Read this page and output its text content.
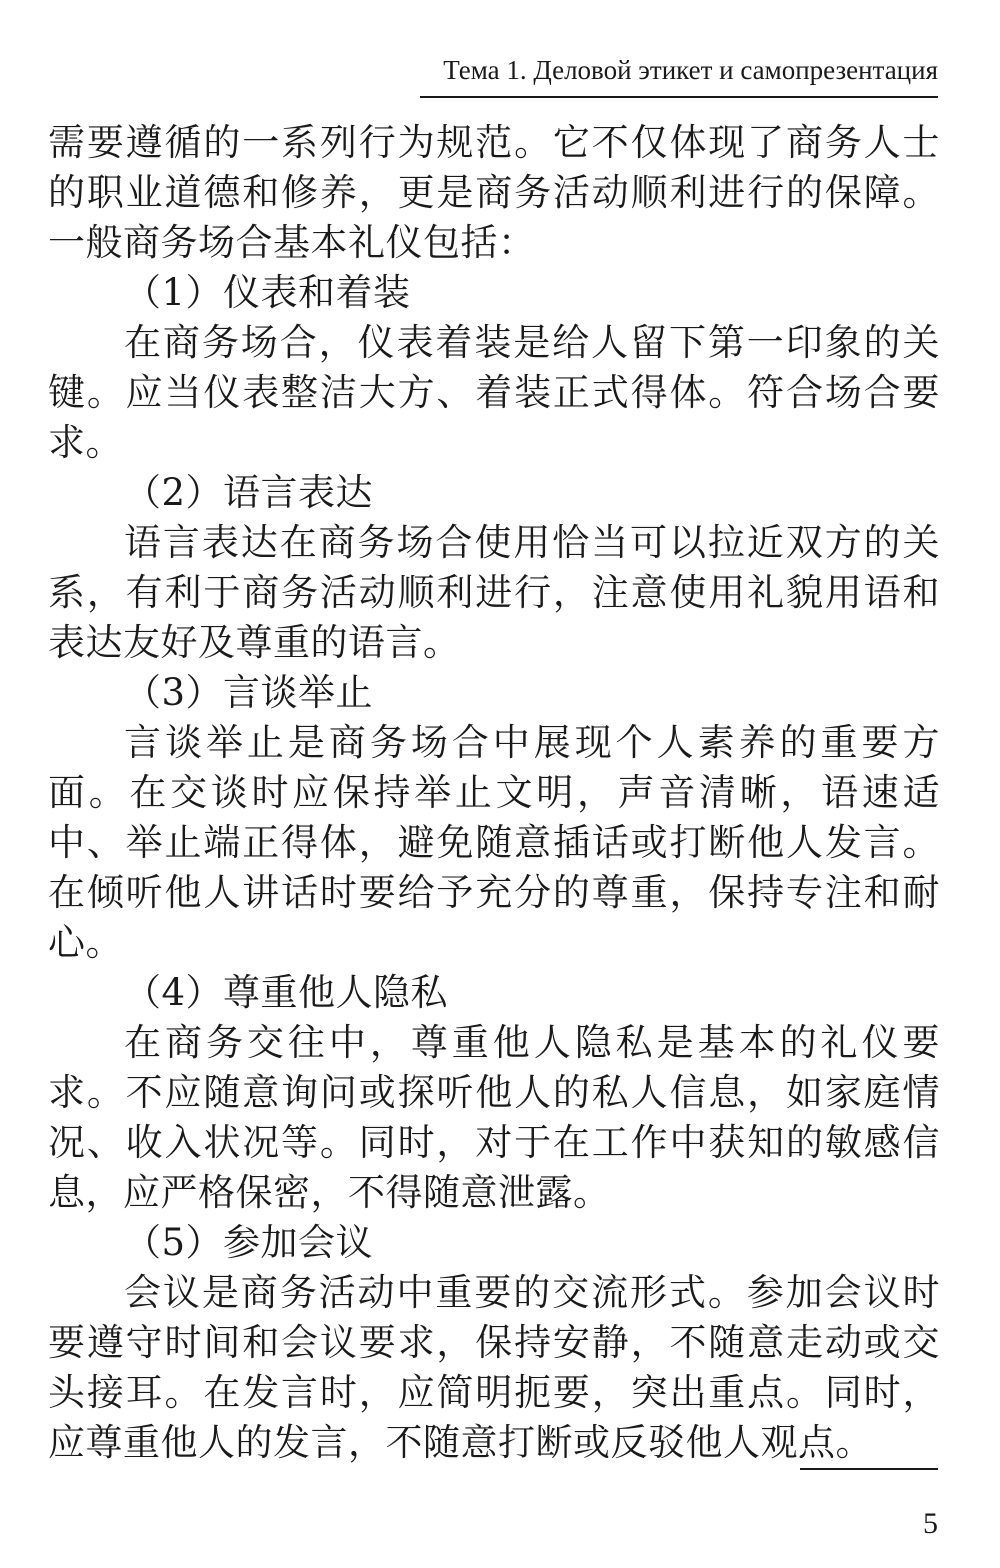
Тема 1. Деловой этикет и самопрезентация

需要遵循的一系列行为规范。它不仅体现了商务人士的职业道德和修养，更是商务活动顺利进行的保障。一般商务场合基本礼仪包括：

（1）仪表和着装

在商务场合，仪表着装是给人留下第一印象的关键。应当仪表整洁大方、着装正式得体。符合场合要求。

（2）语言表达

语言表达在商务场合使用恰当可以拉近双方的关系，有利于商务活动顺利进行，注意使用礼貌用语和表达友好及尊重的语言。

（3）言谈举止

言谈举止是商务场合中展现个人素养的重要方面。在交谈时应保持举止文明，声音清晰，语速适中、举止端正得体，避免随意插话或打断他人发言。在倾听他人讲话时要给予充分的尊重，保持专注和耐心。

（4）尊重他人隐私

在商务交往中，尊重他人隐私是基本的礼仪要求。不应随意询问或探听他人的私人信息，如家庭情况、收入状况等。同时，对于在工作中获知的敏感信息，应严格保密，不得随意泄露。

（5）参加会议

会议是商务活动中重要的交流形式。参加会议时要遵守时间和会议要求，保持安静，不随意走动或交头接耳。在发言时，应简明扼要，突出重点。同时，应尊重他人的发言，不随意打断或反驳他人观点。

5
